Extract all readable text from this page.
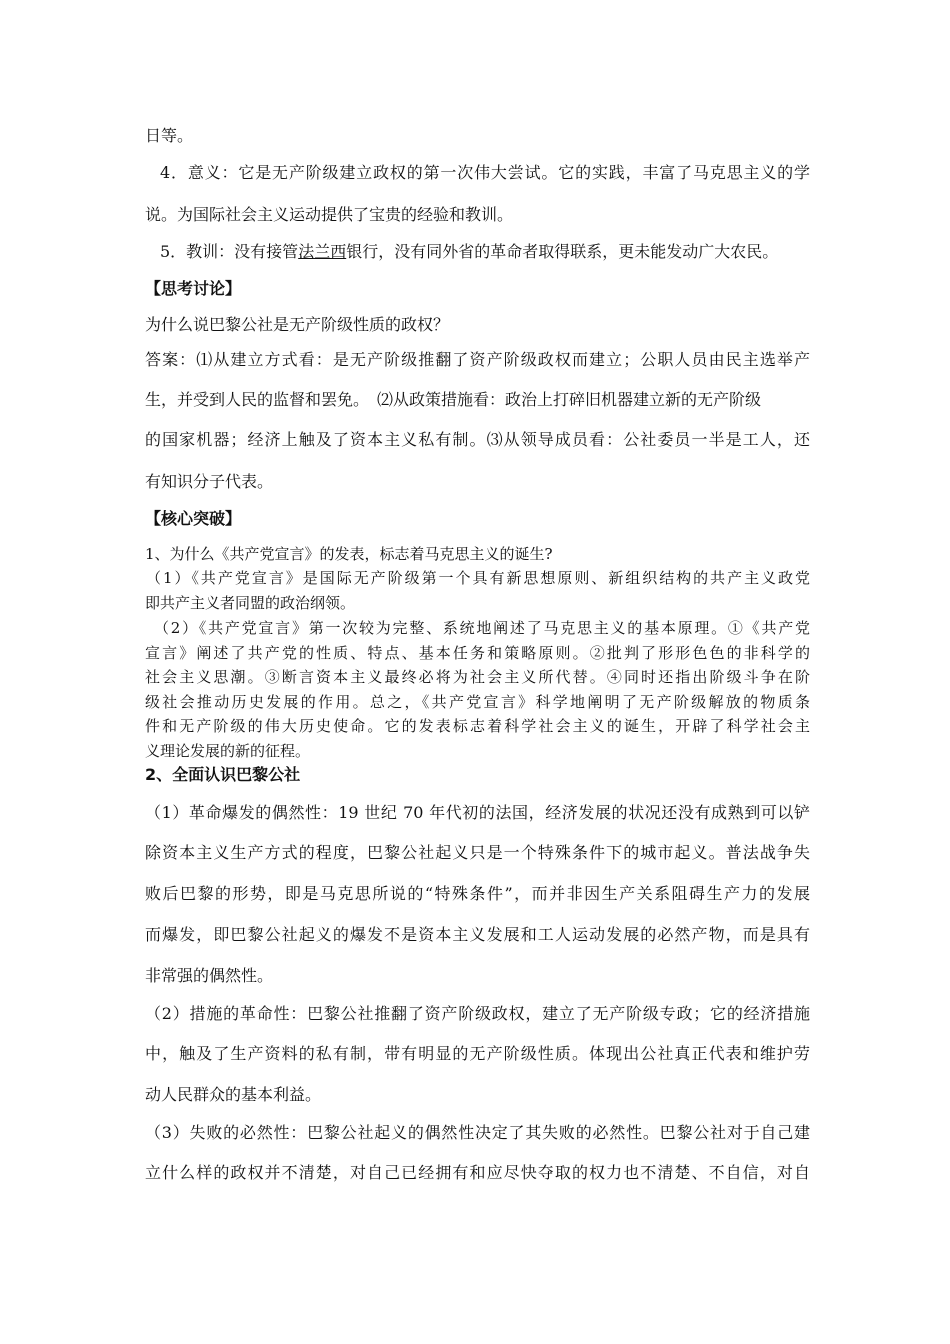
日等。
4．意义：它是无产阶级建立政权的第一次伟大尝试。它的实践，丰富了马克思主义的学
说。为国际社会主义运动提供了宝贵的经验和教训。
5．教训：没有接管法兰西银行，没有同外省的革命者取得联系，更未能发动广大农民。
【思考讨论】
为什么说巴黎公社是无产阶级性质的政权？
答案：⑴从建立方式看：是无产阶级推翻了资产阶级政权而建立；公职人员由民主选举产
生，并受到人民的监督和罢免。　⑵从政策措施看：政治上打碎旧机器建立新的无产阶级
的国家机器；经济上触及了资本主义私有制。⑶从领导成员看：公社委员一半是工人，还
有知识分子代表。
【核心突破】
1、为什么《共产党宣言》的发表，标志着马克思主义的诞生?
（1）《共产党宣言》是国际无产阶级第一个具有新思想原则、新组织结构的共产主义政党
即共产主义者同盟的政治纲领。
（2）《共产党宣言》第一次较为完整、系统地阐述了马克思主义的基本原理。①《共产党
宣言》阐述了共产党的性质、特点、基本任务和策略原则。②批判了形形色色的非科学的
社会主义思潮。③断言资本主义最终必将为社会主义所代替。④同时还指出阶级斗争在阶
级社会推动历史发展的作用。总之，《共产党宣言》科学地阐明了无产阶级解放的物质条
件和无产阶级的伟大历史使命。它的发表标志着科学社会主义的诞生，开辟了科学社会主
义理论发展的新的征程。
2、全面认识巴黎公社
（1）革命爆发的偶然性：19 世纪 70 年代初的法国，经济发展的状况还没有成熟到可以铲
除资本主义生产方式的程度，巴黎公社起义只是一个特殊条件下的城市起义。普法战争失
败后巴黎的形势，即是马克思所说的“特殊条件”，而并非因生产关系阻碍生产力的发展
而爆发，即巴黎公社起义的爆发不是资本主义发展和工人运动发展的必然产物，而是具有
非常强的偶然性。
（2）措施的革命性：巴黎公社推翻了资产阶级政权，建立了无产阶级专政；它的经济措施
中，触及了生产资料的私有制，带有明显的无产阶级性质。体现出公社真正代表和维护劳
动人民群众的基本利益。
（3）失败的必然性：巴黎公社起义的偶然性决定了其失败的必然性。巴黎公社对于自己建
立什么样的政权并不清楚，对自己已经拥有和应尽快夺取的权力也不清楚、不自信，对自
